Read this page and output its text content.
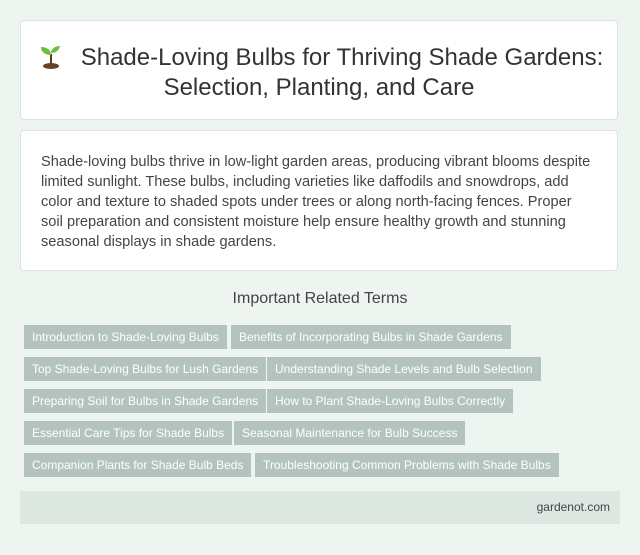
Shade-Loving Bulbs for Thriving Shade Gardens: Selection, Planting, and Care

Shade-loving bulbs thrive in low-light garden areas, producing vibrant blooms despite limited sunlight. These bulbs, including varieties like daffodils and snowdrops, add color and texture to shaded spots under trees or along north-facing fences. Proper soil preparation and consistent moisture help ensure healthy growth and stunning seasonal displays in shade gardens.

Important Related Terms
Introduction to Shade-Loving Bulbs	Benefits of Incorporating Bulbs in Shade Gardens
Top Shade-Loving Bulbs for Lush Gardens	Understanding Shade Levels and Bulb Selection
Preparing Soil for Bulbs in Shade Gardens	How to Plant Shade-Loving Bulbs Correctly
Essential Care Tips for Shade Bulbs	Seasonal Maintenance for Bulb Success
Companion Plants for Shade Bulb Beds	Troubleshooting Common Problems with Shade Bulbs
gardenot.com
